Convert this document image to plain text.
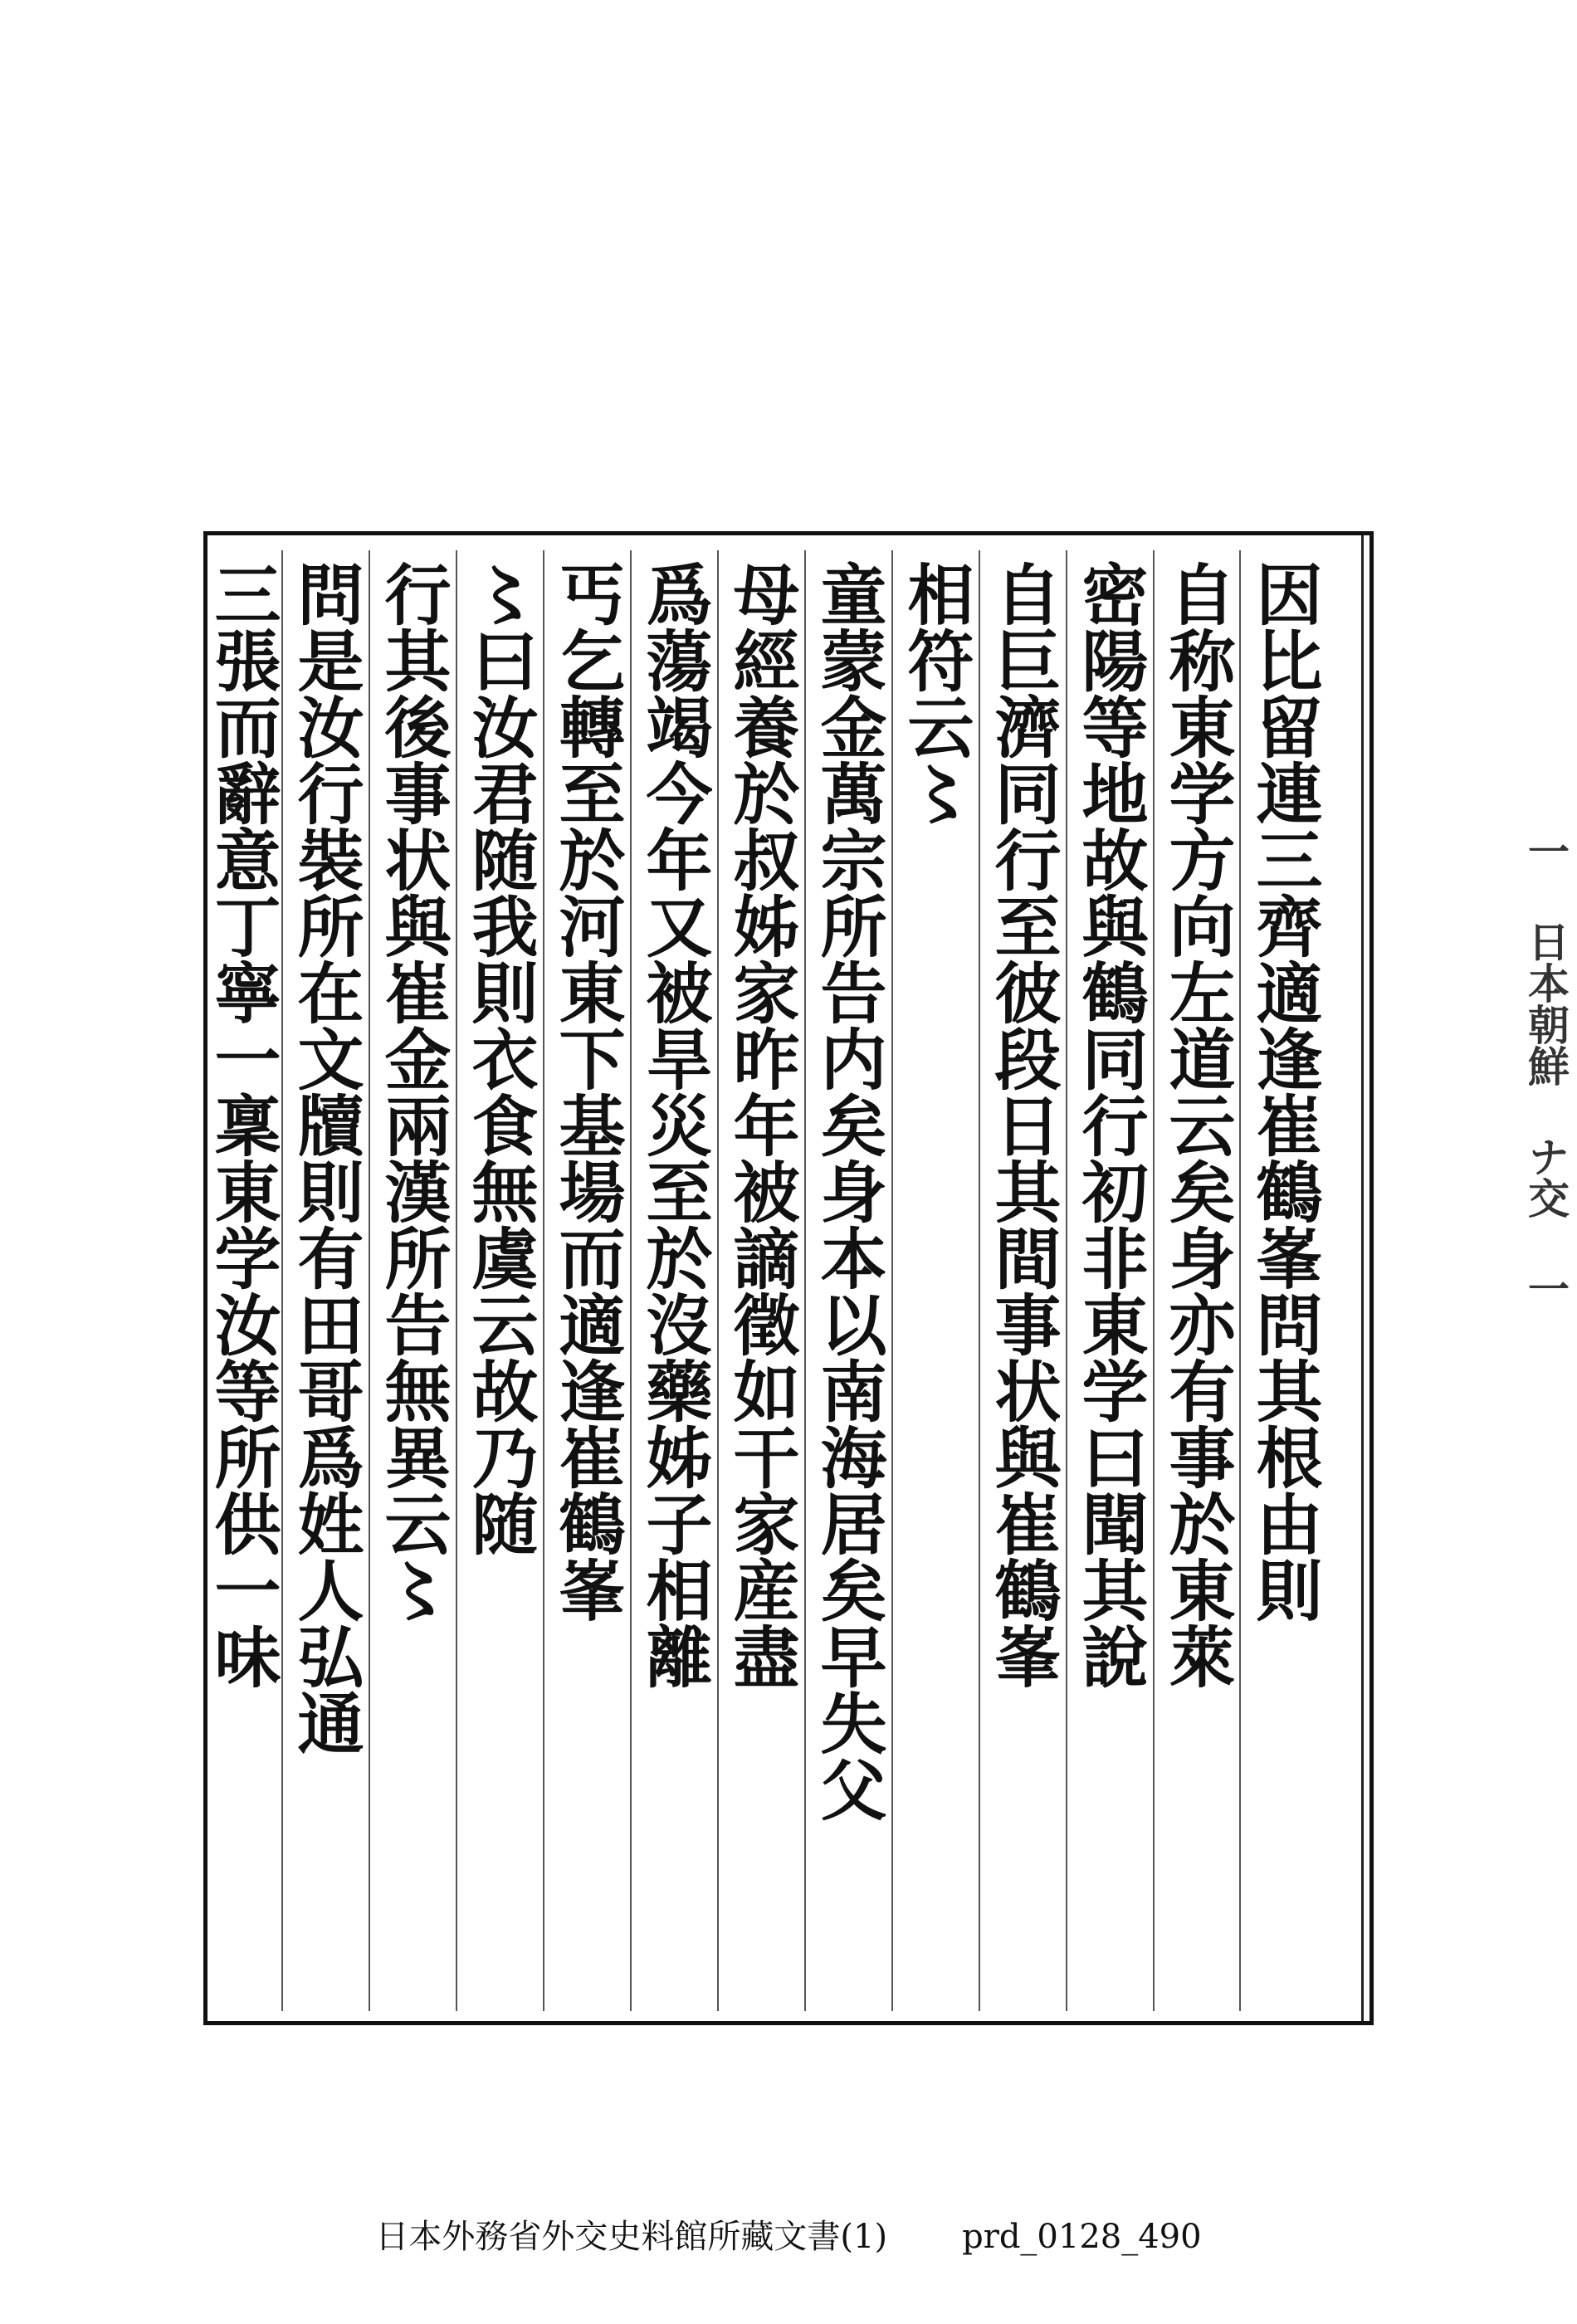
因比留連三齊適逢崔鶴峯問其根由則
自称東学方向左道云矣身亦有事於東萊
密陽等地故與鶴同行初非東学曰聞其說
自巨濟同行至彼段日其間事状與崔鶴峯
相符云〻
童蒙金萬宗所告内矣身本以南海居矣早失父
母經養於叔姊家昨年被謫徵如干家産盡
爲蕩竭今年又被旱災至於沒藥姊子相離
丐乞轉至於河東下基場而適逢崔鶴峯
〻曰汝君随我則衣食無虞云故乃随
行其後事状與崔金兩漢所告無異云〻
問是汝行裝所在文牘則有田哥爲姓人弘通
三張而辭意丁寧一稟東学汝等所供一味	一 日本朝鮮 ナ交 一
日本外務省外交史料館所藏文書(1) prd_0128_490
